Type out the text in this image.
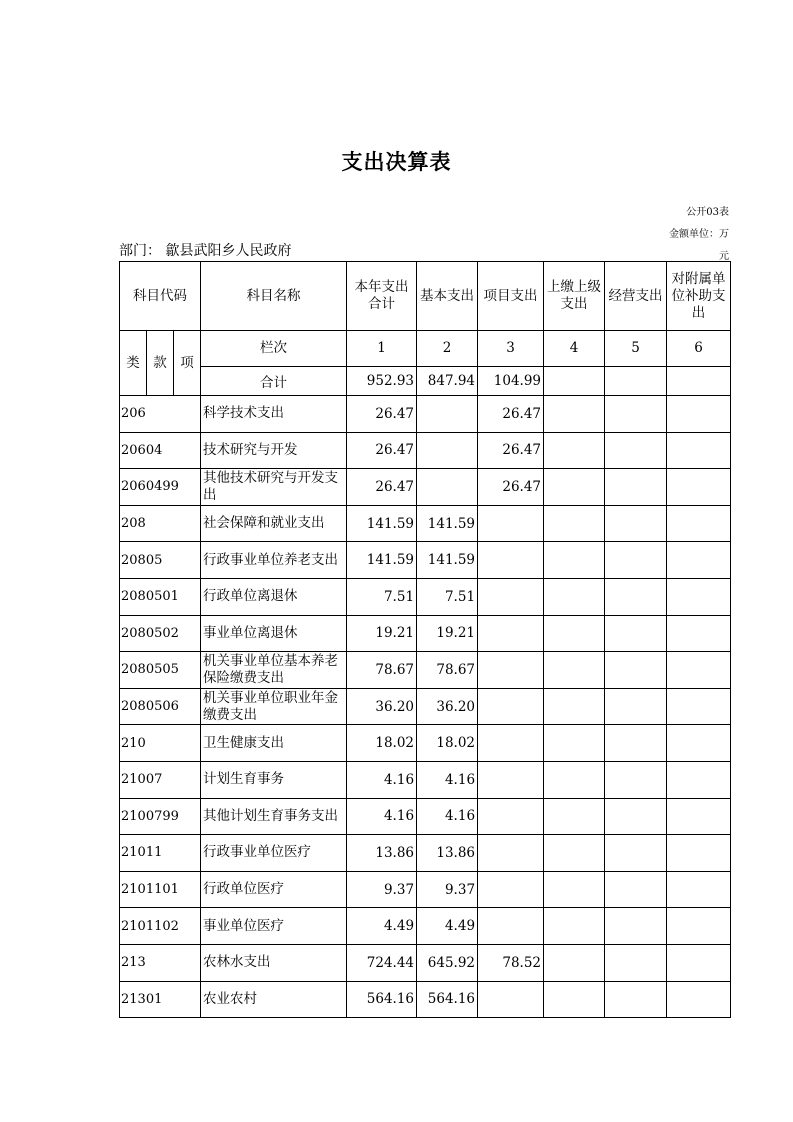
支出决算表
公开03表
金额单位：万
元
部门： 歙县武阳乡人民政府
科目代码			科目名称	本年支出合计	基本支出	项目支出	上缴上级支出	经营支出	对附属单位补助支出
类	款	项	栏次	1	2	3	4	5	6
			合计	952.93	847.94	104.99			
206			科学技术支出	26.47		26.47			
20604			技术研究与开发	26.47		26.47			
2060499			其他技术研究与开发支出	26.47		26.47			
208			社会保障和就业支出	141.59	141.59				
20805			行政事业单位养老支出	141.59	141.59				
2080501			行政单位离退休	7.51	7.51				
2080502			事业单位离退休	19.21	19.21				
2080505			机关事业单位基本养老保险缴费支出	78.67	78.67				
2080506			机关事业单位职业年金缴费支出	36.20	36.20				
210			卫生健康支出	18.02	18.02				
21007			计划生育事务	4.16	4.16				
2100799			其他计划生育事务支出	4.16	4.16				
21011			行政事业单位医疗	13.86	13.86				
2101101			行政单位医疗	9.37	9.37				
2101102			事业单位医疗	4.49	4.49				
213			农林水支出	724.44	645.92	78.52			
21301			农业农村	564.16	564.16				
